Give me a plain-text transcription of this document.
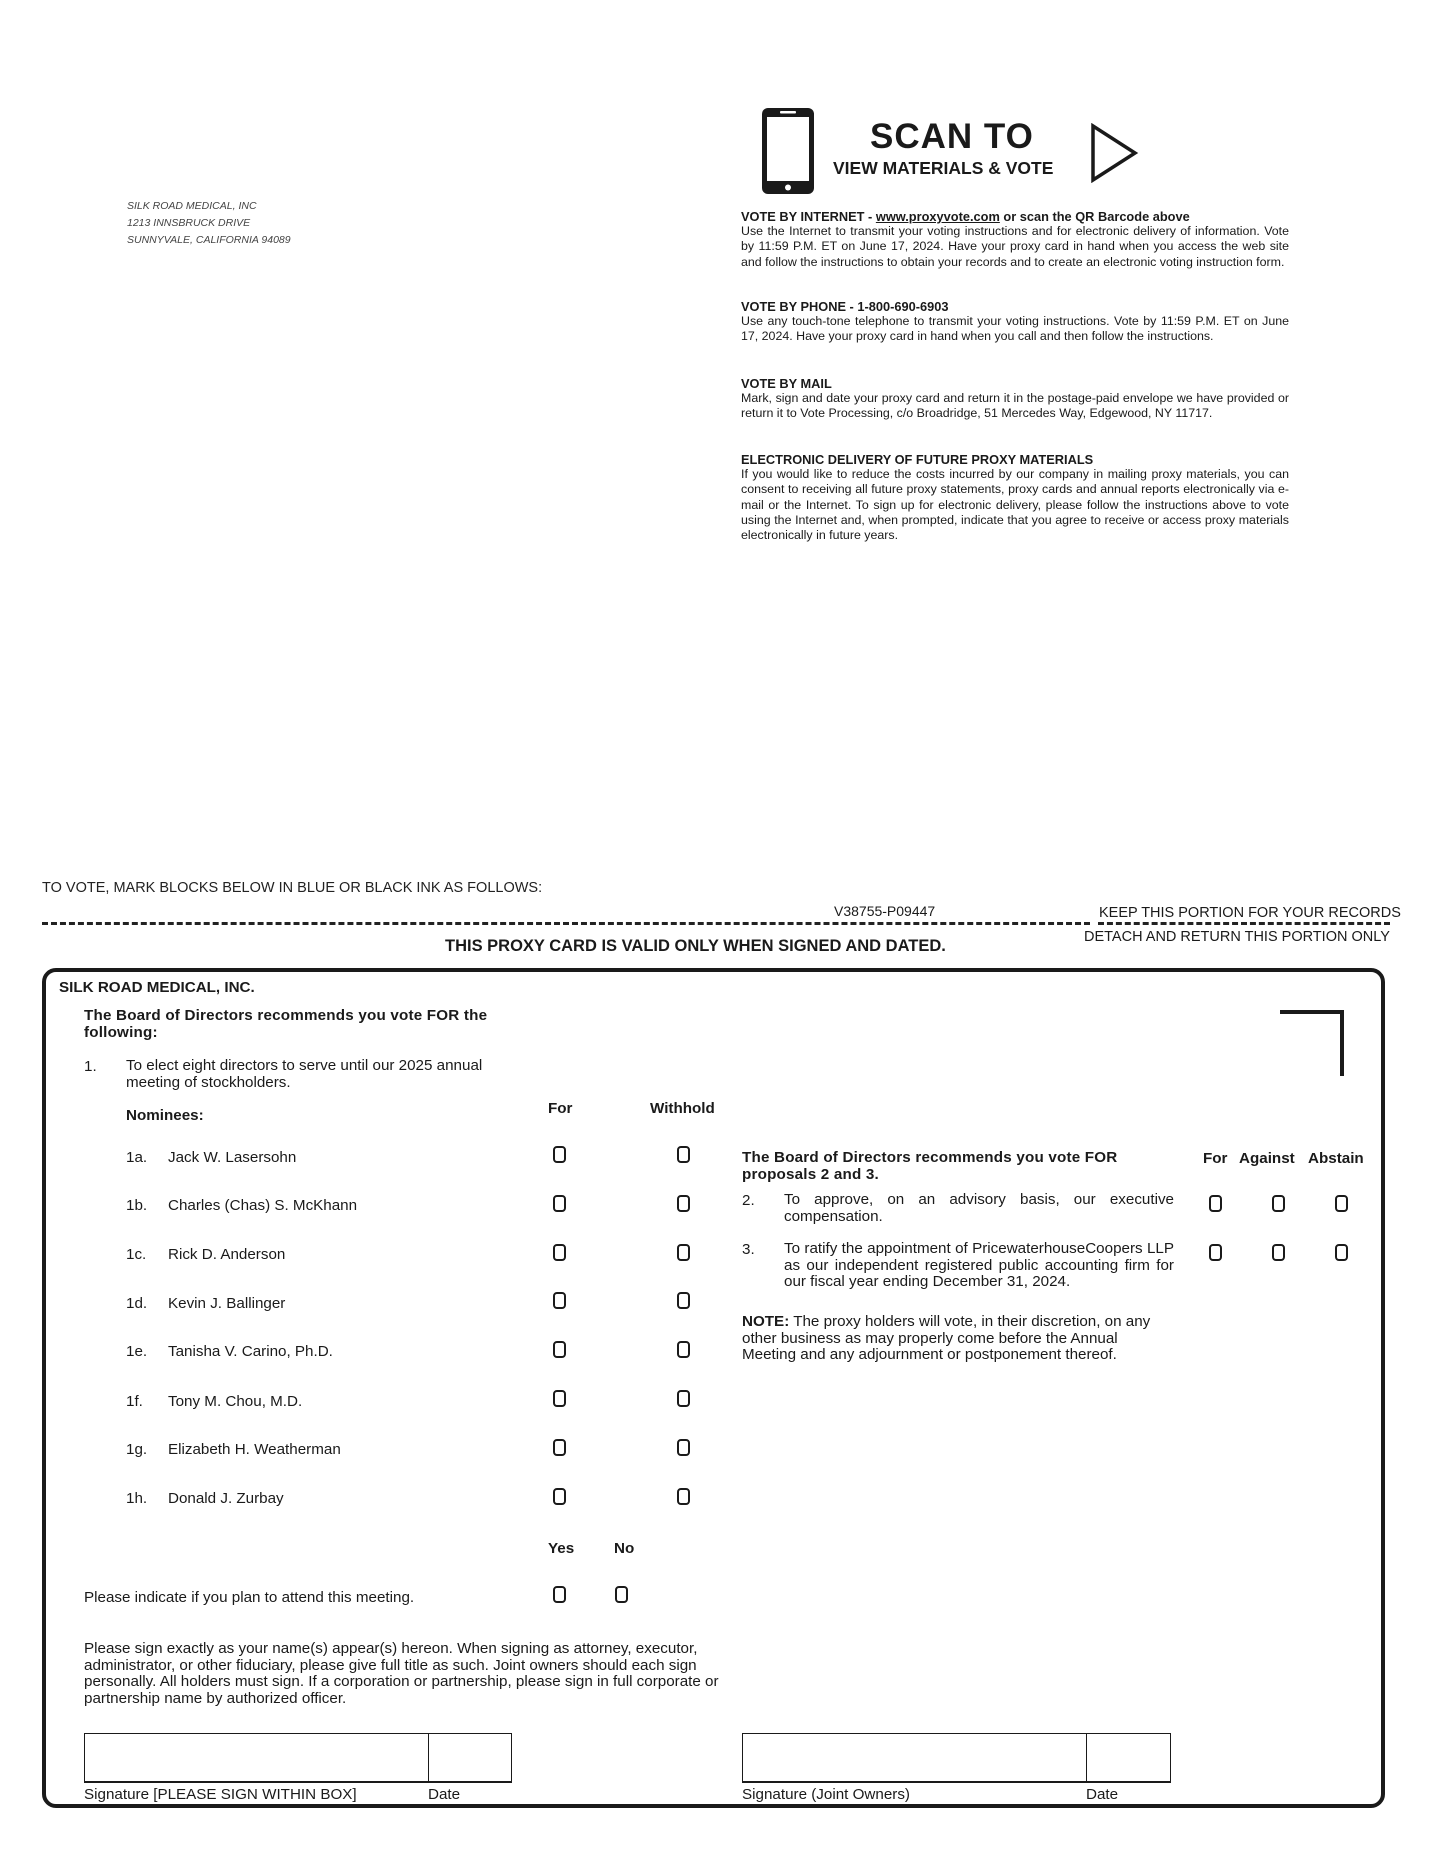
SILK ROAD MEDICAL, INC
1213 INNSBRUCK DRIVE
SUNNYVALE, CALIFORNIA 94089
SCAN TO
VIEW MATERIALS & VOTE
VOTE BY INTERNET - www.proxyvote.com or scan the QR Barcode above

Use the Internet to transmit your voting instructions and for electronic delivery of information. Vote by 11:59 P.M. ET on June 17, 2024. Have your proxy card in hand when you access the web site and follow the instructions to obtain your records and to create an electronic voting instruction form.

VOTE BY PHONE - 1-800-690-6903

Use any touch-tone telephone to transmit your voting instructions. Vote by 11:59 P.M. ET on June 17, 2024. Have your proxy card in hand when you call and then follow the instructions.

VOTE BY MAIL

Mark, sign and date your proxy card and return it in the postage-paid envelope we have provided or return it to Vote Processing, c/o Broadridge, 51 Mercedes Way, Edgewood, NY 11717.

ELECTRONIC DELIVERY OF FUTURE PROXY MATERIALS

If you would like to reduce the costs incurred by our company in mailing proxy materials, you can consent to receiving all future proxy statements, proxy cards and annual reports electronically via e-mail or the Internet. To sign up for electronic delivery, please follow the instructions above to vote using the Internet and, when prompted, indicate that you agree to receive or access proxy materials electronically in future years.

TO VOTE, MARK BLOCKS BELOW IN BLUE OR BLACK INK AS FOLLOWS:
V38755-P09447	KEEP THIS PORTION FOR YOUR RECORDS
DETACH AND RETURN THIS PORTION ONLY
THIS PROXY CARD IS VALID ONLY WHEN SIGNED AND DATED.
SILK ROAD MEDICAL, INC.
The Board of Directors recommends you vote FOR the following:
1. To elect eight directors to serve until our 2025 annual meeting of stockholders.
Nominees:	For	Withhold
1a. Jack W. Lasersohn
1b. Charles (Chas) S. McKhann
1c. Rick D. Anderson
1d. Kevin J. Ballinger
1e. Tanisha V. Carino, Ph.D.
1f. Tony M. Chou, M.D.
1g. Elizabeth H. Weatherman
1h. Donald J. Zurbay
Yes	No
Please indicate if you plan to attend this meeting.
Please sign exactly as your name(s) appear(s) hereon. When signing as attorney, executor, administrator, or other fiduciary, please give full title as such. Joint owners should each sign personally. All holders must sign. If a corporation or partnership, please sign in full corporate or partnership name by authorized officer.
Signature [PLEASE SIGN WITHIN BOX]	Date	Signature (Joint Owners)	Date
The Board of Directors recommends you vote FOR proposals 2 and 3.
For Against Abstain
2. To approve, on an advisory basis, our executive compensation.
3. To ratify the appointment of PricewaterhouseCoopers LLP as our independent registered public accounting firm for our fiscal year ending December 31, 2024.
NOTE: The proxy holders will vote, in their discretion, on any other business as may properly come before the Annual Meeting and any adjournment or postponement thereof.
